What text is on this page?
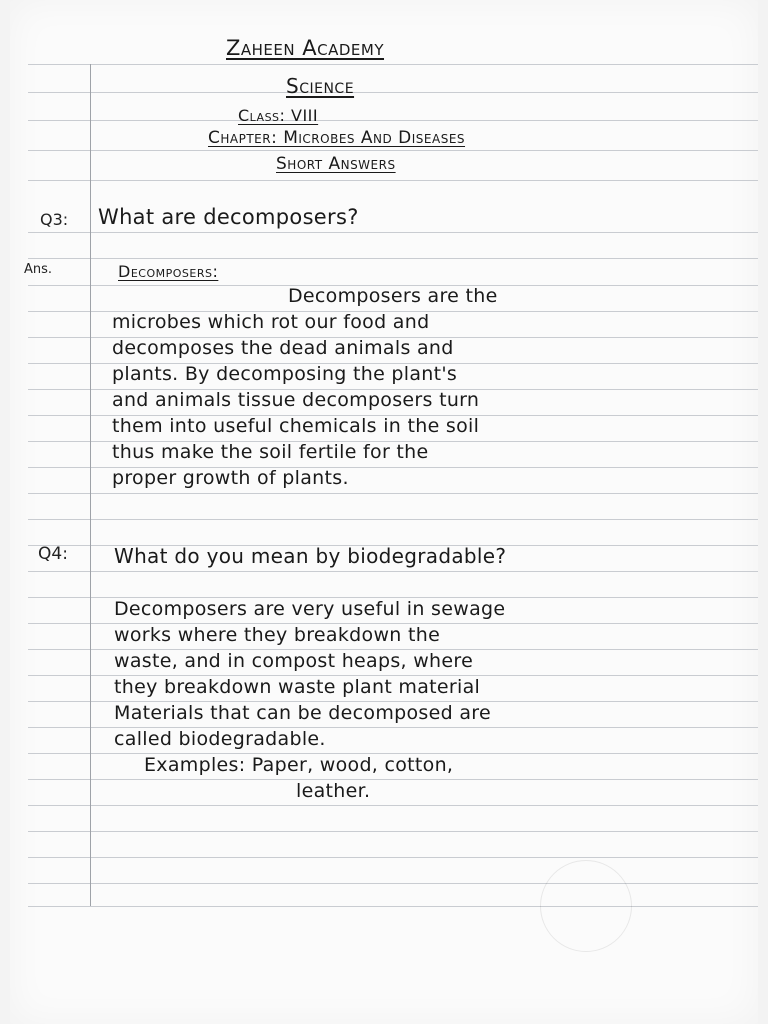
Zaheen Academy
Science
Class: VIII
Chapter: Microbes And Diseases
Short Answers
Q3: What are decomposers?
Ans.	Decomposers:
Decomposers are the
microbes which rot our food and
decomposes the dead animals and
plants. By decomposing the plant's
and animals tissue decomposers turn
them into useful chemicals in the soil
thus make the soil fertile for the
proper growth of plants.
Q4: What do you mean by biodegradable?
Decomposers are very useful in sewage
works where they breakdown the
waste, and in compost heaps, where
they breakdown waste plant material
Materials that can be decomposed are
called biodegradable.
Examples: Paper, wood, cotton,
leather.
